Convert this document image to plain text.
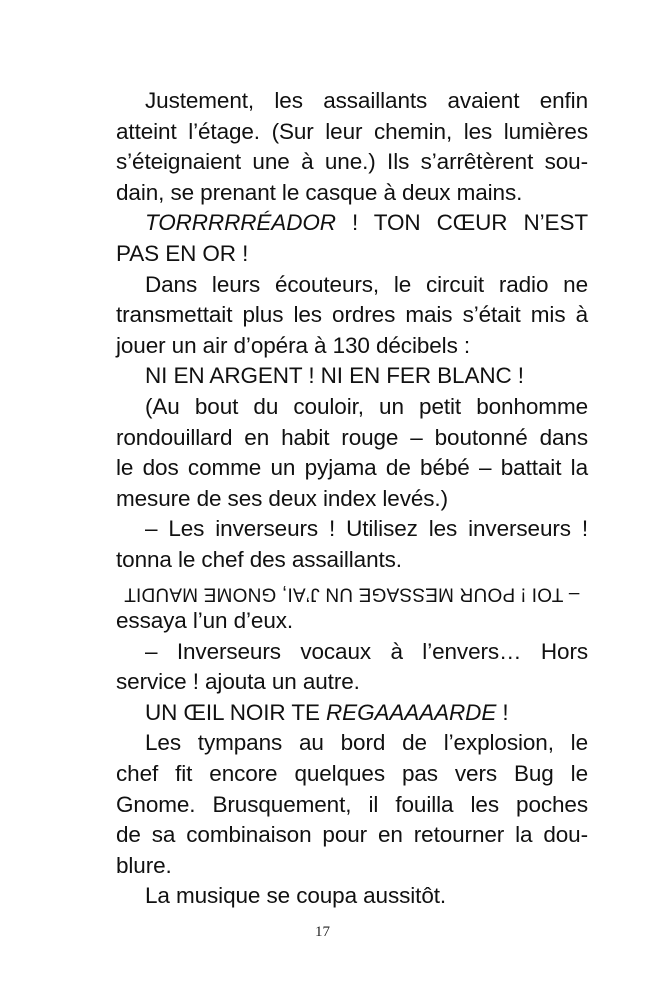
Justement, les assaillants avaient enfin
atteint l’étage. (Sur leur chemin, les lumières
s’éteignaient une à une.) Ils s’arrêtèrent sou-
dain, se prenant le casque à deux mains.
TORRRRRÉADOR ! TON CŒUR N’EST
PAS EN OR !
Dans leurs écouteurs, le circuit radio ne
transmettait plus les ordres mais s’était mis à
jouer un air d’opéra à 130 décibels :
NI EN ARGENT ! NI EN FER BLANC !
(Au bout du couloir, un petit bonhomme
rondouillard en habit rouge – boutonné dans
le dos comme un pyjama de bébé – battait la
mesure de ses deux index levés.)
– Les inverseurs ! Utilisez les inverseurs !
tonna le chef des assaillants.
– TOI ! POUR MESSAGE UN J’AI, GNOME MAUDIT
essaya l’un d’eux.
– Inverseurs vocaux à l’envers… Hors
service ! ajouta un autre.
UN ŒIL NOIR TE REGAAAAARDE !
Les tympans au bord de l’explosion, le
chef fit encore quelques pas vers Bug le
Gnome. Brusquement, il fouilla les poches
de sa combinaison pour en retourner la dou-
blure.
La musique se coupa aussitôt.
17
